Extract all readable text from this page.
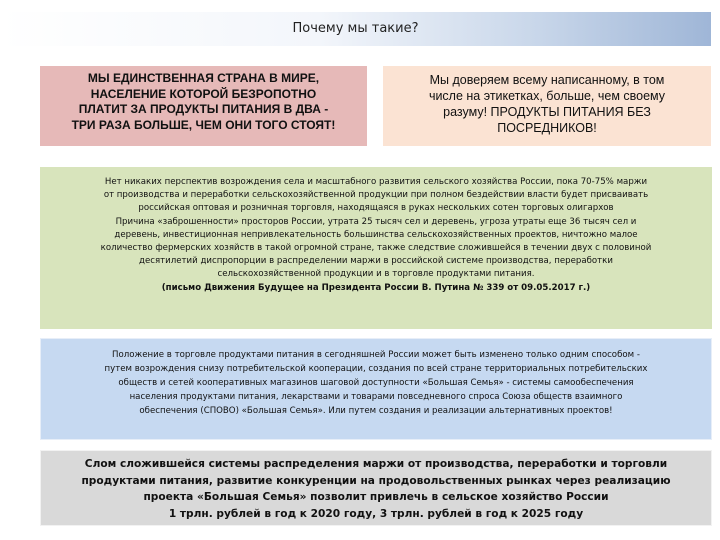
Почему мы такие?
МЫ ЕДИНСТВЕННАЯ СТРАНА В МИРЕ,
НАСЕЛЕНИЕ КОТОРОЙ БЕЗРОПОТНО
ПЛАТИТ ЗА ПРОДУКТЫ ПИТАНИЯ В ДВА -
ТРИ РАЗА БОЛЬШЕ, ЧЕМ ОНИ ТОГО СТОЯТ!
Мы доверяем всему написанному, в том
числе на этикетках, больше, чем своему
разуму! ПРОДУКТЫ ПИТАНИЯ БЕЗ
ПОСРЕДНИКОВ!
Нет никаких перспектив возрождения села и масштабного развития сельского хозяйства России, пока 70-75% маржи
от производства и переработки сельскохозяйственной продукции при полном бездействии власти будет присваивать
российская оптовая и розничная торговля, находящаяся в руках нескольких сотен торговых олигархов
Причина «заброшенности» просторов России, утрата 25 тысяч сел и деревень, угроза утраты еще 36 тысяч сел и
деревень, инвестиционная непривлекательность большинства сельскохозяйственных проектов, ничтожно малое
количество фермерских хозяйств в такой огромной стране, также следствие сложившейся в течении двух с половиной
десятилетий диспропорции в распределении маржи в российской системе производства, переработки
сельскохозяйственной продукции и в торговле продуктами питания.
(письмо Движения Будущее на Президента России В. Путина № 339 от 09.05.2017 г.)
Положение в торговле продуктами питания в сегодняшней России может быть изменено только одним способом -
путем возрождения снизу потребительской кооперации, создания по всей стране территориальных потребительских
обществ и сетей кооперативных магазинов шаговой доступности «Большая Семья» - системы самообеспечения
населения продуктами питания, лекарствами и товарами повседневного спроса Союза обществ взаимного
обеспечения (СПОВО) «Большая Семья». Или путем создания и реализации альтернативных проектов!
Слом сложившейся системы распределения маржи от производства, переработки и торговли
продуктами питания, развитие конкуренции на продовольственных рынках через реализацию
проекта «Большая Семья» позволит привлечь в сельское хозяйство России
1 трлн. рублей в год к 2020 году, 3 трлн. рублей в год к 2025 году
